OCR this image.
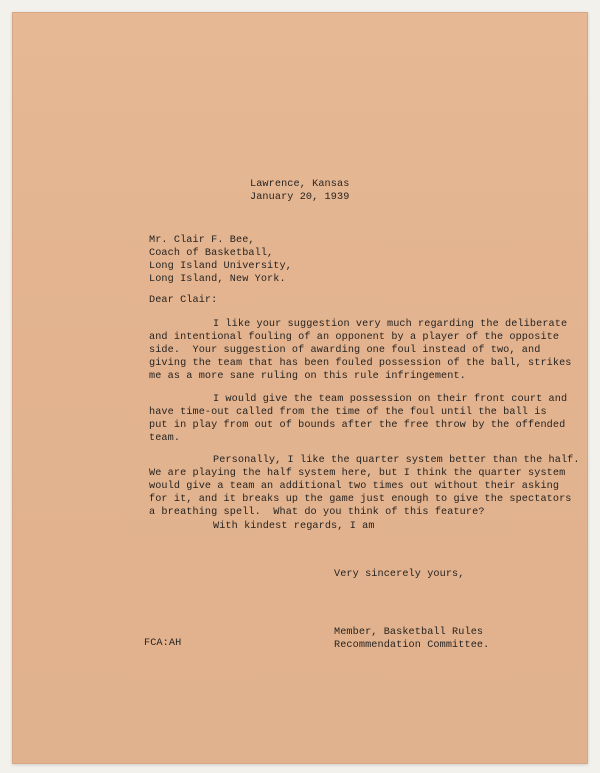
Lawrence, Kansas

January 20, 1939

Mr. Clair F. Bee,
Coach of Basketball,
Long Island University,
Long Island, New York.

Dear Clair:

I like your suggestion very much regarding the deliberate
and intentional fouling of an opponent by a player of the opposite
side.  Your suggestion of awarding one foul instead of two, and
giving the team that has been fouled possession of the ball, strikes
me as a more sane ruling on this rule infringement.
I would give the team possession on their front court and
have time-out called from the time of the foul until the ball is
put in play from out of bounds after the free throw by the offended
team.
Personally, I like the quarter system better than the half.
We are playing the half system here, but I think the quarter system
would give a team an additional two times out without their asking
for it, and it breaks up the game just enough to give the spectators
a breathing spell.  What do you think of this feature?

With kindest regards, I am

Very sincerely yours,

Member, Basketball Rules
Recommendation Committee.

FCA:AH
